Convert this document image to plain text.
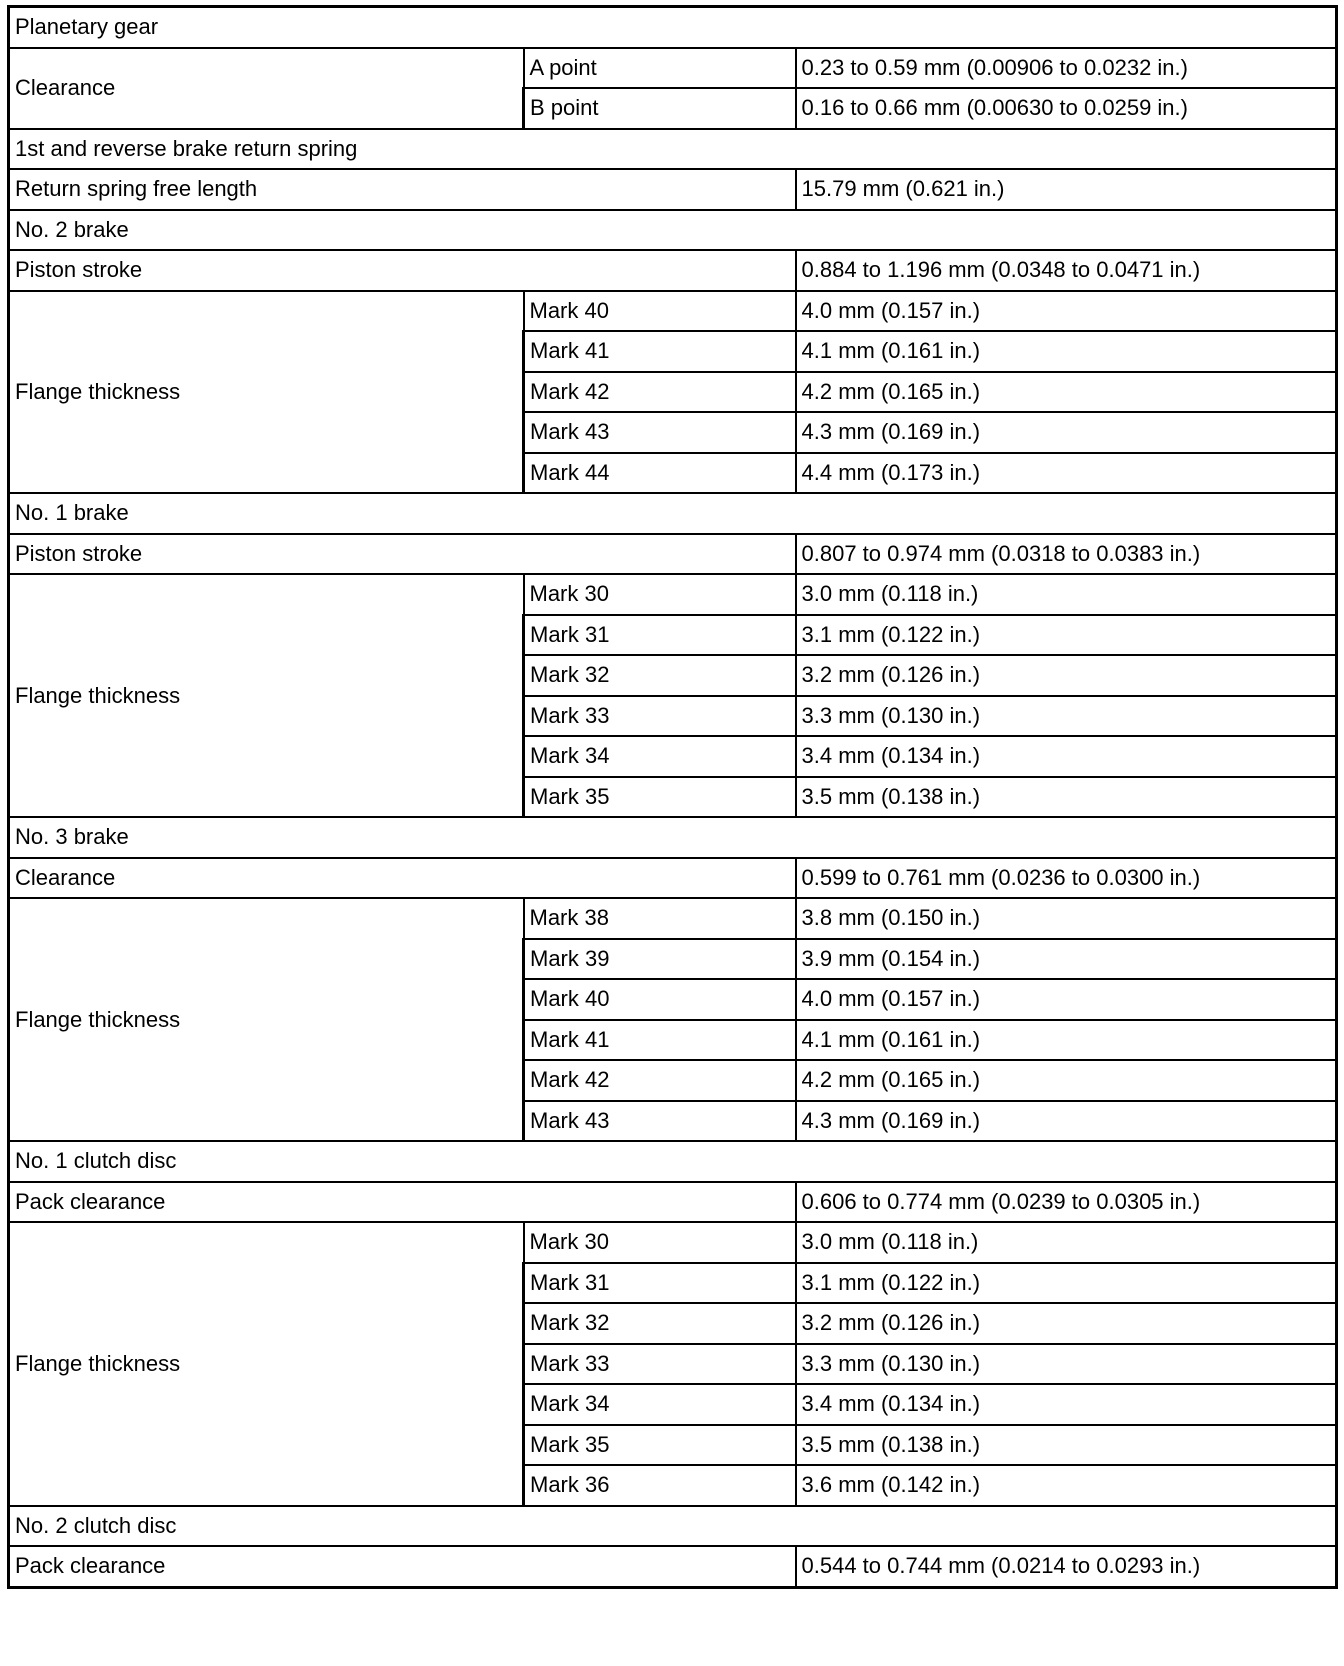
Planetary gear		
Clearance	A point	0.23 to 0.59 mm (0.00906 to 0.0232 in.)
	B point	0.16 to 0.66 mm (0.00630 to 0.0259 in.)
1st and reverse brake return spring		
Return spring free length		15.79 mm (0.621 in.)
No. 2 brake		
Piston stroke		0.884 to 1.196 mm (0.0348 to 0.0471 in.)
Flange thickness	Mark 40	4.0 mm (0.157 in.)
	Mark 41	4.1 mm (0.161 in.)
	Mark 42	4.2 mm (0.165 in.)
	Mark 43	4.3 mm (0.169 in.)
	Mark 44	4.4 mm (0.173 in.)
No. 1 brake		
Piston stroke		0.807 to 0.974 mm (0.0318 to 0.0383 in.)
Flange thickness	Mark 30	3.0 mm (0.118 in.)
	Mark 31	3.1 mm (0.122 in.)
	Mark 32	3.2 mm (0.126 in.)
	Mark 33	3.3 mm (0.130 in.)
	Mark 34	3.4 mm (0.134 in.)
	Mark 35	3.5 mm (0.138 in.)
No. 3 brake		
Clearance		0.599 to 0.761 mm (0.0236 to 0.0300 in.)
Flange thickness	Mark 38	3.8 mm (0.150 in.)
	Mark 39	3.9 mm (0.154 in.)
	Mark 40	4.0 mm (0.157 in.)
	Mark 41	4.1 mm (0.161 in.)
	Mark 42	4.2 mm (0.165 in.)
	Mark 43	4.3 mm (0.169 in.)
No. 1 clutch disc		
Pack clearance		0.606 to 0.774 mm (0.0239 to 0.0305 in.)
Flange thickness	Mark 30	3.0 mm (0.118 in.)
	Mark 31	3.1 mm (0.122 in.)
	Mark 32	3.2 mm (0.126 in.)
	Mark 33	3.3 mm (0.130 in.)
	Mark 34	3.4 mm (0.134 in.)
	Mark 35	3.5 mm (0.138 in.)
	Mark 36	3.6 mm (0.142 in.)
No. 2 clutch disc		
Pack clearance		0.544 to 0.744 mm (0.0214 to 0.0293 in.)
